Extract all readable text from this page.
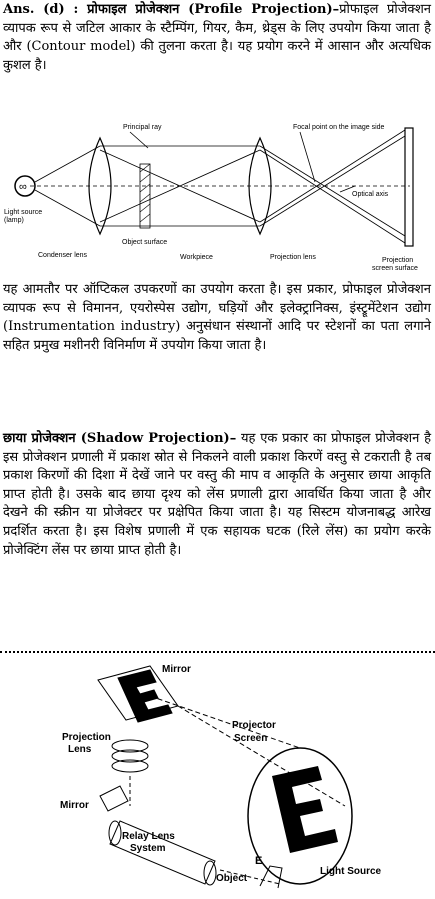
Ans. (d) : प्रोफाइल प्रोजेक्शन (Profile Projection)–प्रोफाइल प्रोजेक्शन व्यापक रूप से जटिल आकार के स्टैम्पिंग, गियर, कैम, थ्रेड्स के लिए उपयोग किया जाता है और (Contour model) की तुलना करता है। यह प्रयोग करने में आसान और अत्यधिक कुशल है।

∞
Principal ray	Focal point on the image side
Optical axis
Light source
(lamp)
Condenser lens
Object surface
Workpiece	Projection lens	Projection
screen surface

यह आमतौर पर ऑप्टिकल उपकरणों का उपयोग करता है। इस प्रकार, प्रोफाइल प्रोजेक्शन व्यापक रूप से विमानन, एयरोस्पेस उद्योग, घड़ियों और इलेक्ट्रानिक्स, इंस्ट्रूमेंटेशन उद्योग (Instrumentation industry) अनुसंधान संस्थानों आदि पर स्टेशनों का पता लगाने सहित प्रमुख मशीनरी विनिर्माण में उपयोग किया जाता है।

छाया प्रोजेक्शन (Shadow Projection)– यह एक प्रकार का प्रोफाइल प्रोजेक्शन है इस प्रोजेक्शन प्रणाली में प्रकाश स्रोत से निकलने वाली प्रकाश किरणें वस्तु से टकराती है तब प्रकाश किरणों की दिशा में देखें जाने पर वस्तु की माप व आकृति के अनुसार छाया आकृति प्राप्त होती है। उसके बाद छाया दृश्य को लेंस प्रणाली द्वारा आवर्धित किया जाता है और देखने की स्क्रीन या प्रोजेक्टर पर प्रक्षेपित किया जाता है। यह सिस्टम योजनाबद्ध आरेख प्रदर्शित करता है। इस विशेष प्रणाली में एक सहायक घटक (रिले लेंस) का प्रयोग करके प्रोजेक्टिंग लेंस पर छाया प्राप्त होती है।

Mirror
Projector
Screen
Projection
Lens
Mirror
Relay Lens
System
Light Source
Object
E
